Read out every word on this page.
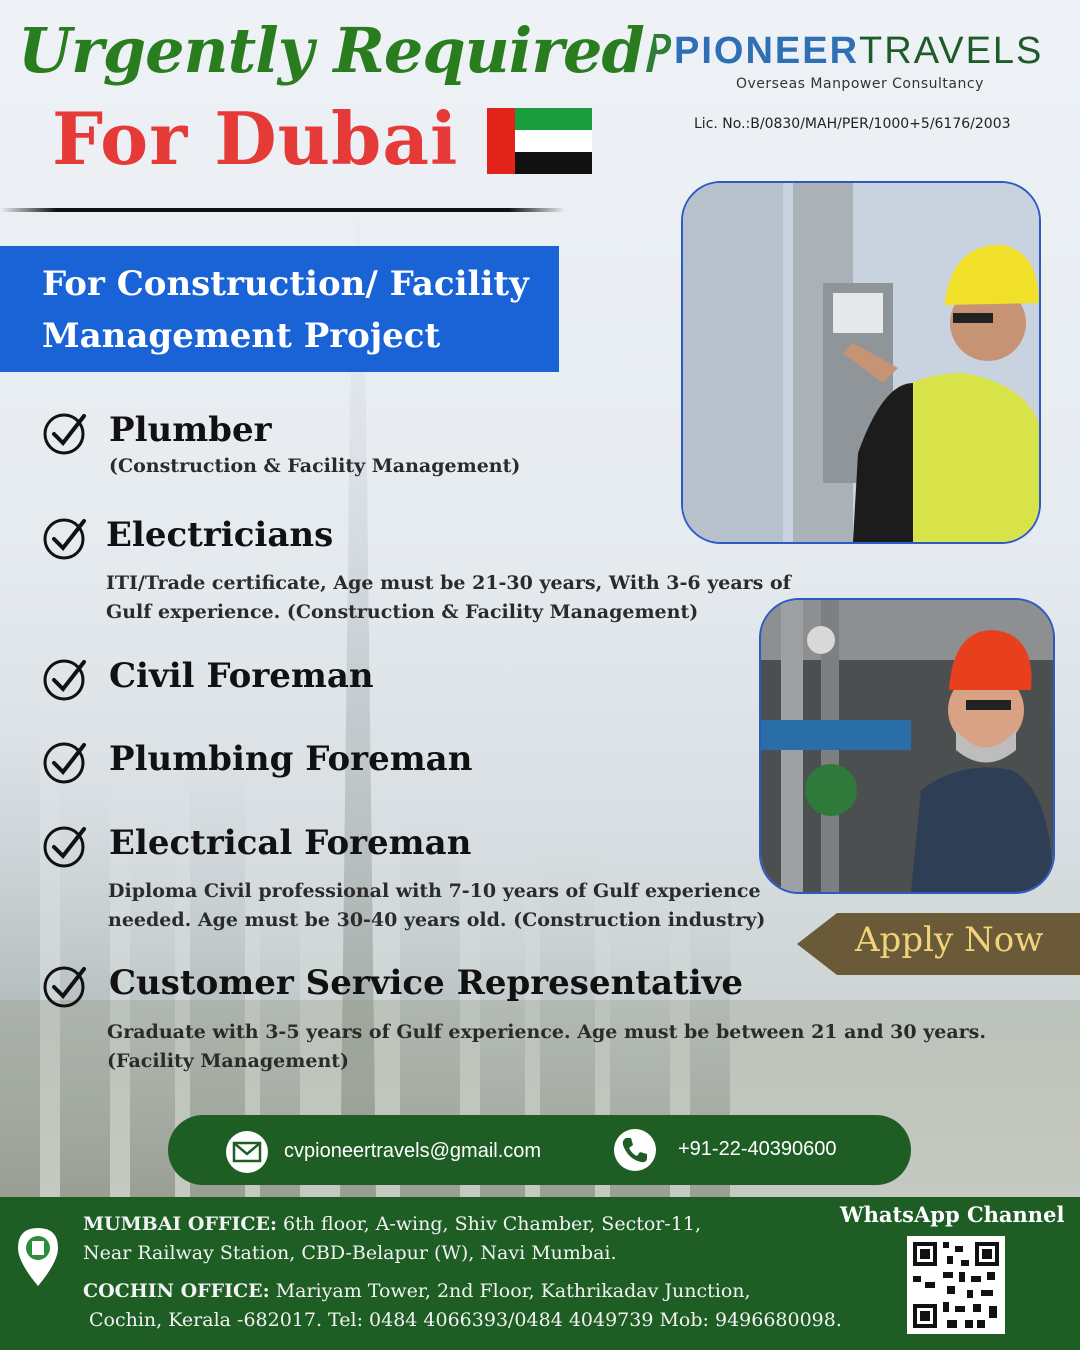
Urgently Required
For Dubai
PIONEERTRAVELS
Overseas Manpower Consultancy
Lic. No.:B/0830/MAH/PER/1000+5/6176/2003
For Construction/ Facility
Management Project
Plumber
(Construction & Facility Management)
Electricians
ITI/Trade certificate, Age must be 21-30 years, With 3-6 years of
Gulf experience. (Construction & Facility Management)
Civil Foreman
Plumbing Foreman
Electrical Foreman
Diploma Civil professional with 7-10 years of Gulf experience
needed. Age must be 30-40 years old. (Construction industry)
Customer Service Representative
Graduate with 3-5 years of Gulf experience. Age must be between 21 and 30 years.
(Facility Management)
Apply Now
cvpioneertravels@gmail.com	+91-22-40390600
MUMBAI OFFICE: 6th floor, A-wing, Shiv Chamber, Sector-11,
Near Railway Station, CBD-Belapur (W), Navi Mumbai.
COCHIN OFFICE: Mariyam Tower, 2nd Floor, Kathrikadav Junction,
Cochin, Kerala -682017. Tel: 0484 4066393/0484 4049739 Mob: 9496680098.
WhatsApp Channel
